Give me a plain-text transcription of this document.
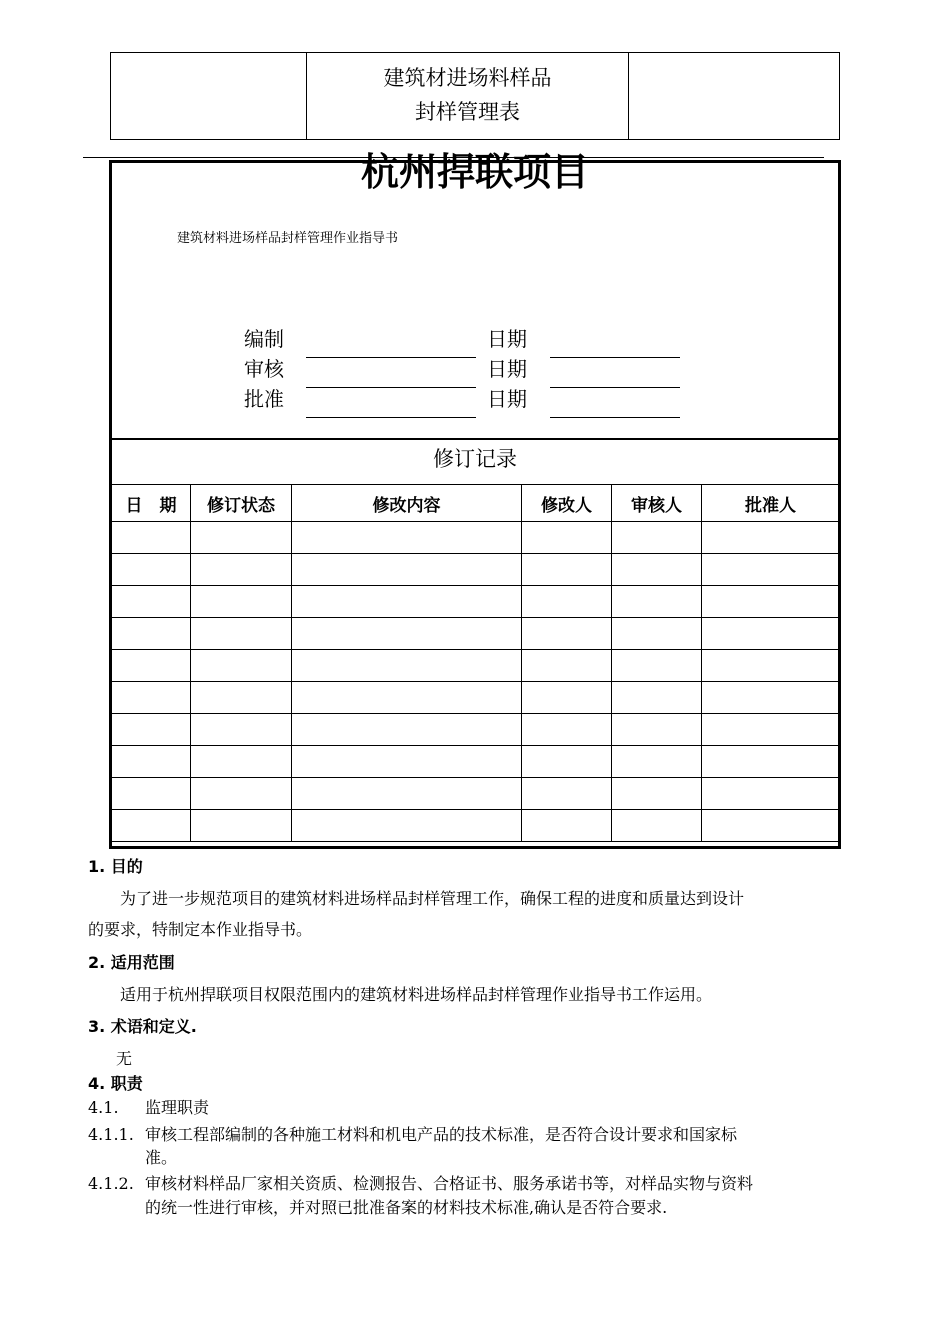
建筑材进场料样品
封样管理表
杭州捍联项目
建筑材料进场样品封样管理作业指导书
编制	日期
审核	日期
批准	日期
修订记录
日　期	修订状态	修改内容	修改人	审核人	批准人

1. 目的
为了进一步规范项目的建筑材料进场样品封样管理工作，确保工程的进度和质量达到设计
的要求，特制定本作业指导书。
2. 适用范围
适用于杭州捍联项目权限范围内的建筑材料进场样品封样管理作业指导书工作运用。
3. 术语和定义.
无
4. 职责
4.1. 监理职责
4.1.1. 审核工程部编制的各种施工材料和机电产品的技术标准，是否符合设计要求和国家标
准。
4.1.2. 审核材料样品厂家相关资质、检测报告、合格证书、服务承诺书等，对样品实物与资料
的统一性进行审核，并对照已批准备案的材料技术标准,确认是否符合要求.
